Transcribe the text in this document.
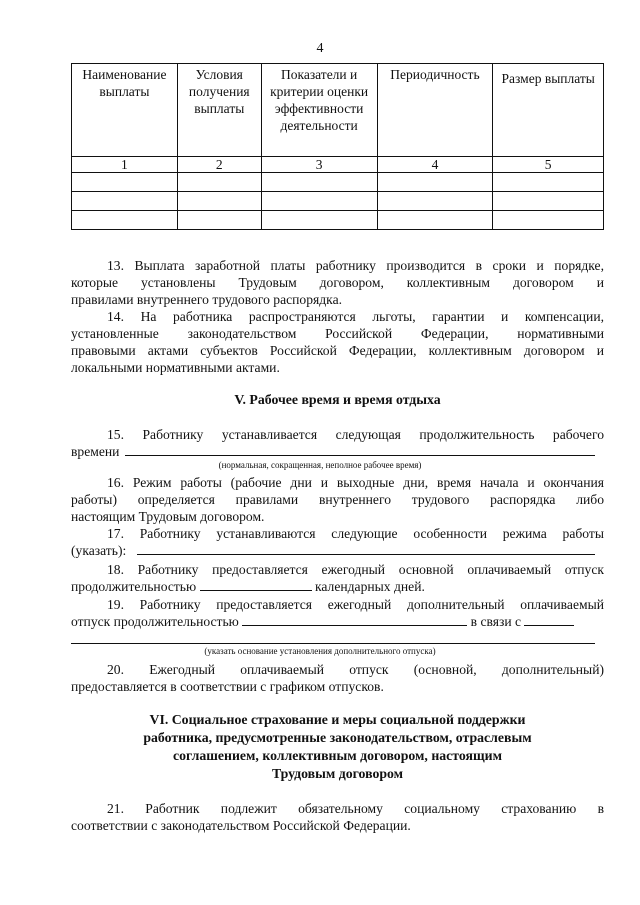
4
Наименование выплаты	Условия получения выплаты	Показатели и критерии оценки эффективности деятельности	Периодичность	Размер выплаты
1	2	3	4	5

13. Выплата заработной платы работнику производится в сроки и порядке,
которые установлены Трудовым договором, коллективным договором и
правилами внутреннего трудового распорядка.
14. На работника распространяются льготы, гарантии и компенсации,
установленные законодательством Российской Федерации, нормативными
правовыми актами субъектов Российской Федерации, коллективным договором и
локальными нормативными актами.
V. Рабочее время и время отдыха
15. Работнику устанавливается следующая продолжительность рабочего
времени
(нормальная, сокращенная, неполное рабочее время)
16. Режим работы (рабочие дни и выходные дни, время начала и окончания
работы) определяется правилами внутреннего трудового распорядка либо
настоящим Трудовым договором.
17. Работнику устанавливаются следующие особенности режима работы
(указать):
18. Работнику предоставляется ежегодный основной оплачиваемый отпуск
продолжительностью	календарных дней.
19. Работнику предоставляется ежегодный дополнительный оплачиваемый
отпуск продолжительностью	в связи с
(указать основание установления дополнительного отпуска)
20. Ежегодный оплачиваемый отпуск (основной, дополнительный)
предоставляется в соответствии с графиком отпусков.
VI. Социальное страхование и меры социальной поддержки
работника, предусмотренные законодательством, отраслевым
соглашением, коллективным договором, настоящим
Трудовым договором
21. Работник подлежит обязательному социальному страхованию в
соответствии с законодательством Российской Федерации.
